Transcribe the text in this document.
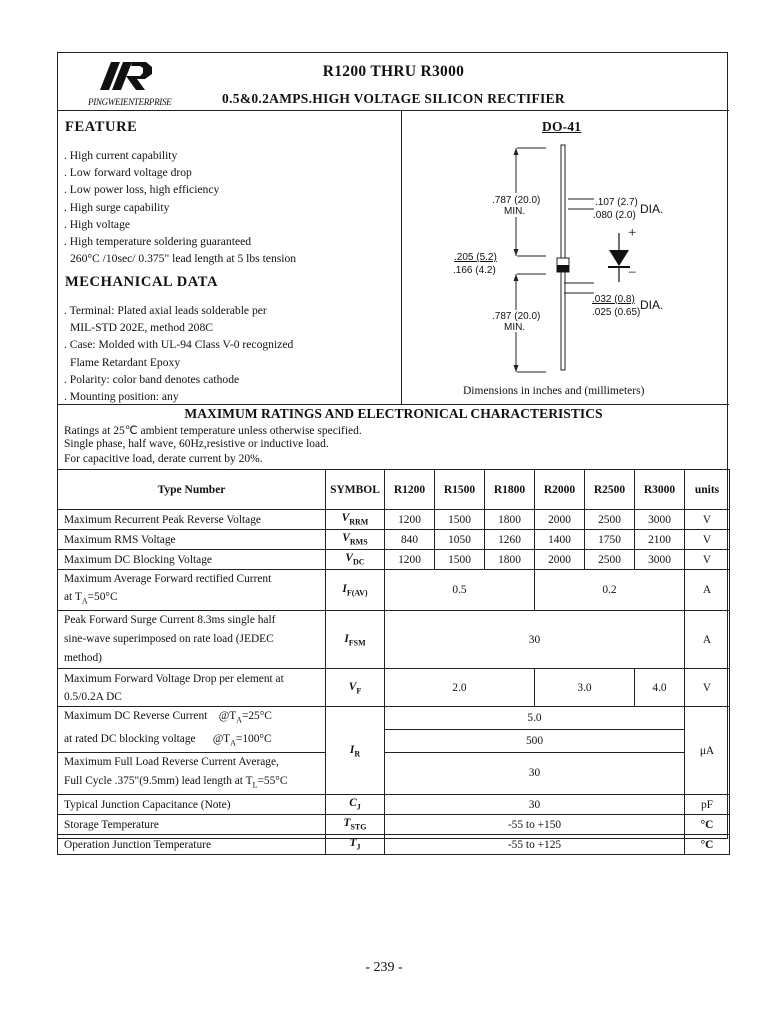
PINGWEIENTERPRISE
R1200 THRU R3000
0.5&0.2AMPS.HIGH VOLTAGE SILICON RECTIFIER
FEATURE
. High current capability
. Low forward voltage drop
. Low power loss, high efficiency
. High surge capability
. High voltage
. High temperature soldering guaranteed
260°C /10sec/ 0.375" lead length at 5 lbs tension
MECHANICAL DATA
. Terminal: Plated axial leads solderable per
MIL-STD 202E, method 208C
. Case: Molded with UL-94 Class V-0 recognized
Flame Retardant Epoxy
. Polarity: color band denotes cathode
. Mounting position: any
DO-41
.787 (20.0)
MIN.
.107 (2.7)
.080 (2.0) DIA.
.205 (5.2)
.166 (4.2)
.032 (0.8)
.025 (0.65)
DIA.
.787 (20.0)
MIN.
+
−
Dimensions in inches and (millimeters)
MAXIMUM RATINGS AND ELECTRONICAL CHARACTERISTICS
Ratings at 25℃ ambient temperature unless otherwise specified.
Single phase, half wave, 60Hz,resistive or inductive load.
For capacitive load, derate current by 20%.
Type Number	SYMBOL	R1200	R1500	R1800	R2000	R2500	R3000	units
Maximum Recurrent Peak Reverse Voltage	$V_{RRM}$	1200	1500	1800	2000	2500	3000	V
Maximum RMS Voltage	$V_{RMS}$	840	1050	1260	1400	1750	2100	V
Maximum DC Blocking Voltage	$V_{DC}$	1200	1500	1800	2000	2500	3000	V

Maximum Average Forward rectified Current
at $T_A=50^\circ C$	$I_{F(AV)}$	0.5			0.2			A

Peak Forward Surge Current 8.3ms single half
sine-wave superimposed on rate load (JEDEC
method)	$I_{FSM}$	30						A

Maximum Forward Voltage Drop per element at
0.5/0.2A DC	$V_F$	2.0			3.0		4.0	V

Maximum DC Reverse Current $@T_A=25^\circ C$
at rated DC blocking voltage $@T_A=100^\circ C$	$I_R$	5.0						μA
		500						

Maximum Full Load Reverse Current Average,
Full Cycle .375"(9.5mm) lead length at $T_L=55^\circ C$		30						
Typical Junction Capacitance (Note)	$C_J$	30						pF
Storage Temperature	$T_{STG}$	-55 to +150						°C
Operation Junction Temperature	$T_J$	-55 to +125						°C
- 239 -
